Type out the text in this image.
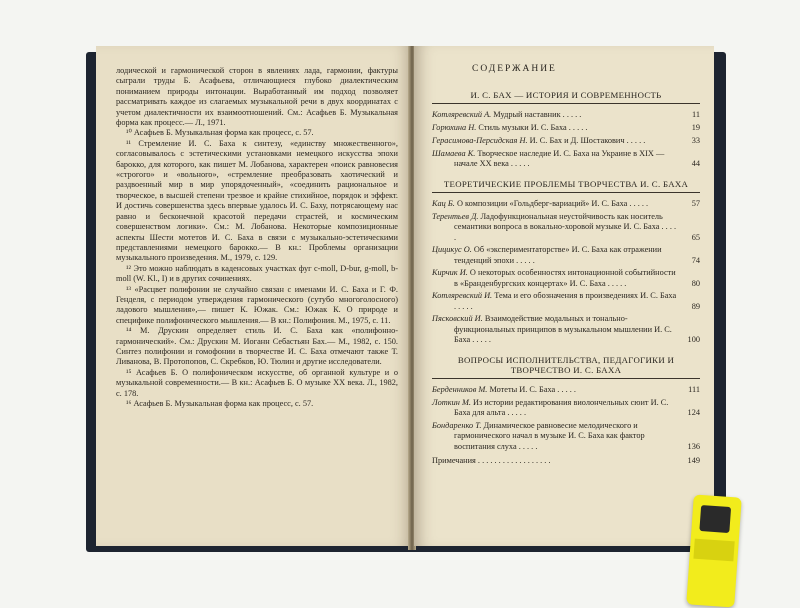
лодической и гармонической сторон в явлениях лада, гармонии, фактуры сыграли труды Б. Асафьева, отличающиеся глубоко диалектическим пониманием природы интонации. Выработанный им подход позволяет рассматривать каждое из слагаемых музыкальной речи в двух координатах с учетом диалектичности их взаимоотношений. См.: Асафьев Б. Музыкальная форма как процесс.— Л., 1971.

¹⁰ Асафьев Б. Музыкальная форма как процесс, с. 57.

¹¹ Стремление И. С. Баха к синтезу, «единству множественного», согласовывалось с эстетическими установками немецкого искусства эпохи барокко, для которого, как пишет М. Лобанова, характерен «поиск равновесия «строгого» и «вольного», «стремление преобразовать хаотический и раздвоенный мир в мир упорядоченный», «соединить рациональное и творческое, в высшей степени трезвое и крайне стихийное, порядок и эффект. И достичь совершенства здесь впервые удалось И. С. Баху, потрясающему нас равно и бесконечной красотой передачи страстей, и космическим совершенством логики». См.: М. Лобанова. Некоторые композиционные аспекты Шести мотетов И. С. Баха в связи с музыкально-эстетическими представлениями немецкого барокко.— В кн.: Проблемы организации музыкального произведения. М., 1979, с. 129.

¹² Это можно наблюдать в каденсовых участках фуг c-moll, D-bur, g-moll, b-moll (W. Kl., I) и в других сочинениях.

¹³ «Расцвет полифонии не случайно связан с именами И. С. Баха и Г. Ф. Генделя, с периодом утверждения гармонического (сутубо многоголосного) ладового мышления»,— пишет К. Южак. См.: Южак К. О природе и специфике полифонического мышления.— В кн.: Полифония. М., 1975, с. 11.

¹⁴ М. Друскин определяет стиль И. С. Баха как «полифонно-гармонический». См.: Друскин М. Иоганн Себастьян Бах.— М., 1982, с. 150. Синтез полифонии и гомофонии в творчестве И. С. Баха отмечают также Т. Ливанова, В. Протопопов, С. Скребков, Ю. Тюлин и другие исследователи.

¹⁵ Асафьев Б. О полифоническом искусстве, об органной культуре и о музыкальной современности.— В кн.: Асафьев Б. О музыке XX века. Л., 1982, с. 178.

¹⁶ Асафьев Б. Музыкальная форма как процесс, с. 57.

СОДЕРЖАНИЕ
И. С. БАХ — ИСТОРИЯ И СОВРЕМЕННОСТЬ
Котляревский А. Мудрый наставник . . . . .	11
Горюхина Н. Стиль музыки И. С. Баха . . . . .	19
Герасимова-Персидская Н. И. С. Бах и Д. Шостакович . . . . .	33
Шамаева К. Творческое наследие И. С. Баха на Украине в XIX — начале XX века . . . . .	44
ТЕОРЕТИЧЕСКИЕ ПРОБЛЕМЫ ТВОРЧЕСТВА И. С. БАХА
Кац Б. О композиции «Гольдберг-вариаций» И. С. Баха . . . . .	57
Терентьев Д. Ладофункциональная неустойчивость как носитель семантики вопроса в вокально-хоровой музыке И. С. Баха . . . . .	65
Цицикус О. Об «экспериментаторстве» И. С. Баха как отражении тенденций эпохи . . . . .	74
Кирчик И. О некоторых особенностях интонационной событийности в «Бранденбургских концертах» И. С. Баха . . . . .	80
Котляревский И. Тема и его обозначения в произведениях И. С. Баха . . . . .	89
Пясковский И. Взаимодействие модальных и тонально-функциональных принципов в музыкальном мышлении И. С. Баха . . . . .	100
ВОПРОСЫ ИСПОЛНИТЕЛЬСТВА, ПЕДАГОГИКИ И ТВОРЧЕСТВО И. С. БАХА
Берденников М. Мотеты И. С. Баха . . . . .	111
Лоткин М. Из истории редактирования виолончельных сюит И. С. Баха для альта . . . . .	124
Бондаренко Т. Динамическое равновесие мелодического и гармонического начал в музыке И. С. Баха как фактор воспитания слуха . . . . .	136
Примечания . . . . . . . . . . . . . . . . . .	149
